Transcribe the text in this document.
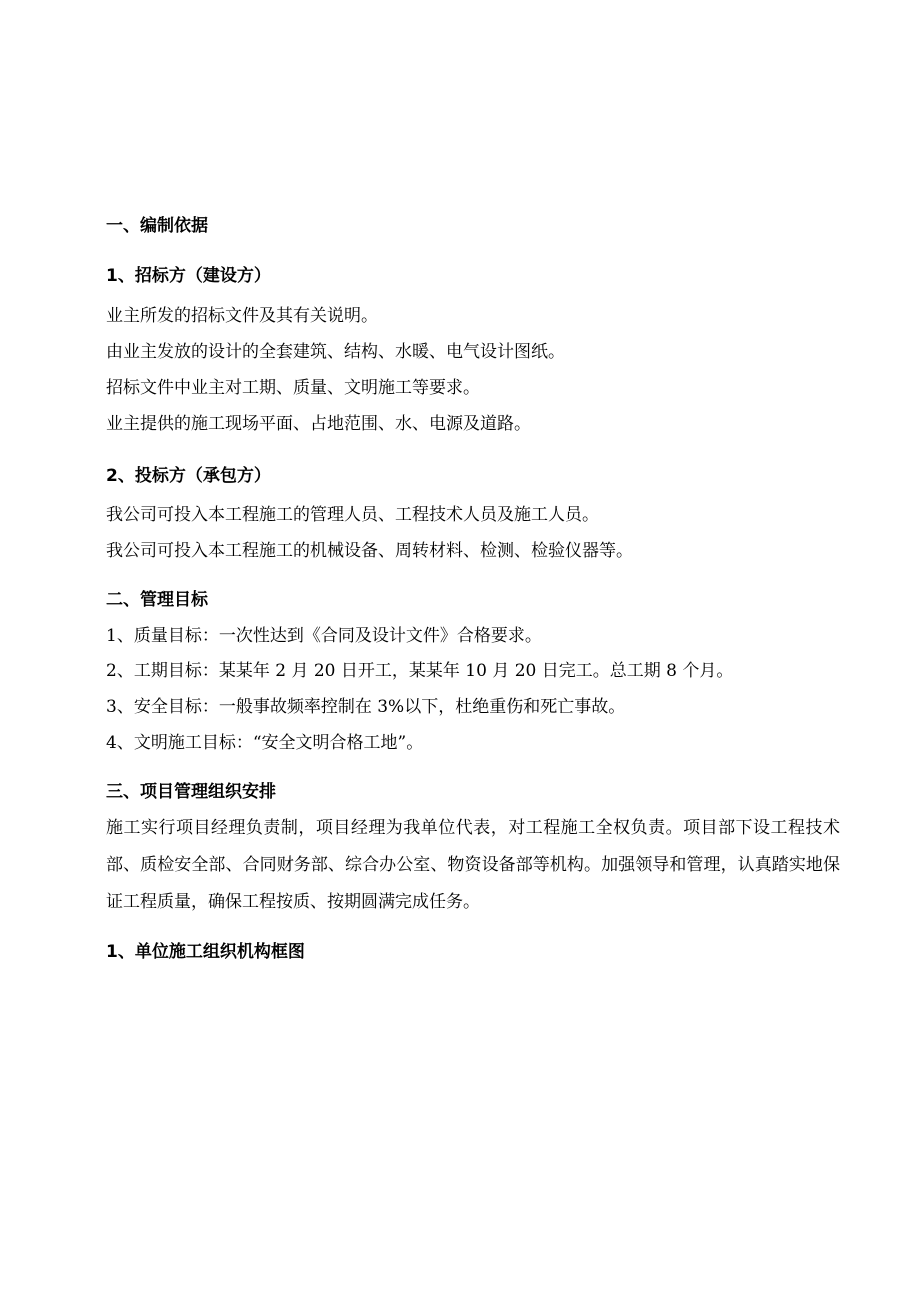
一、编制依据
1、招标方（建设方）
业主所发的招标文件及其有关说明。
由业主发放的设计的全套建筑、结构、水暖、电气设计图纸。
招标文件中业主对工期、质量、文明施工等要求。
业主提供的施工现场平面、占地范围、水、电源及道路。
2、投标方（承包方）
我公司可投入本工程施工的管理人员、工程技术人员及施工人员。
我公司可投入本工程施工的机械设备、周转材料、检测、检验仪器等。
二、管理目标
1、质量目标：一次性达到《合同及设计文件》合格要求。
2、工期目标：某某年 2 月 20 日开工，某某年 10 月 20 日完工。总工期 8 个月。
3、安全目标：一般事故频率控制在 3%以下，杜绝重伤和死亡事故。
4、文明施工目标：“安全文明合格工地”。
三、项目管理组织安排
施工实行项目经理负责制，项目经理为我单位代表，对工程施工全权负责。项目部下设工程技术部、质检安全部、合同财务部、综合办公室、物资设备部等机构。加强领导和管理，认真踏实地保证工程质量，确保工程按质、按期圆满完成任务。
1、单位施工组织机构框图
